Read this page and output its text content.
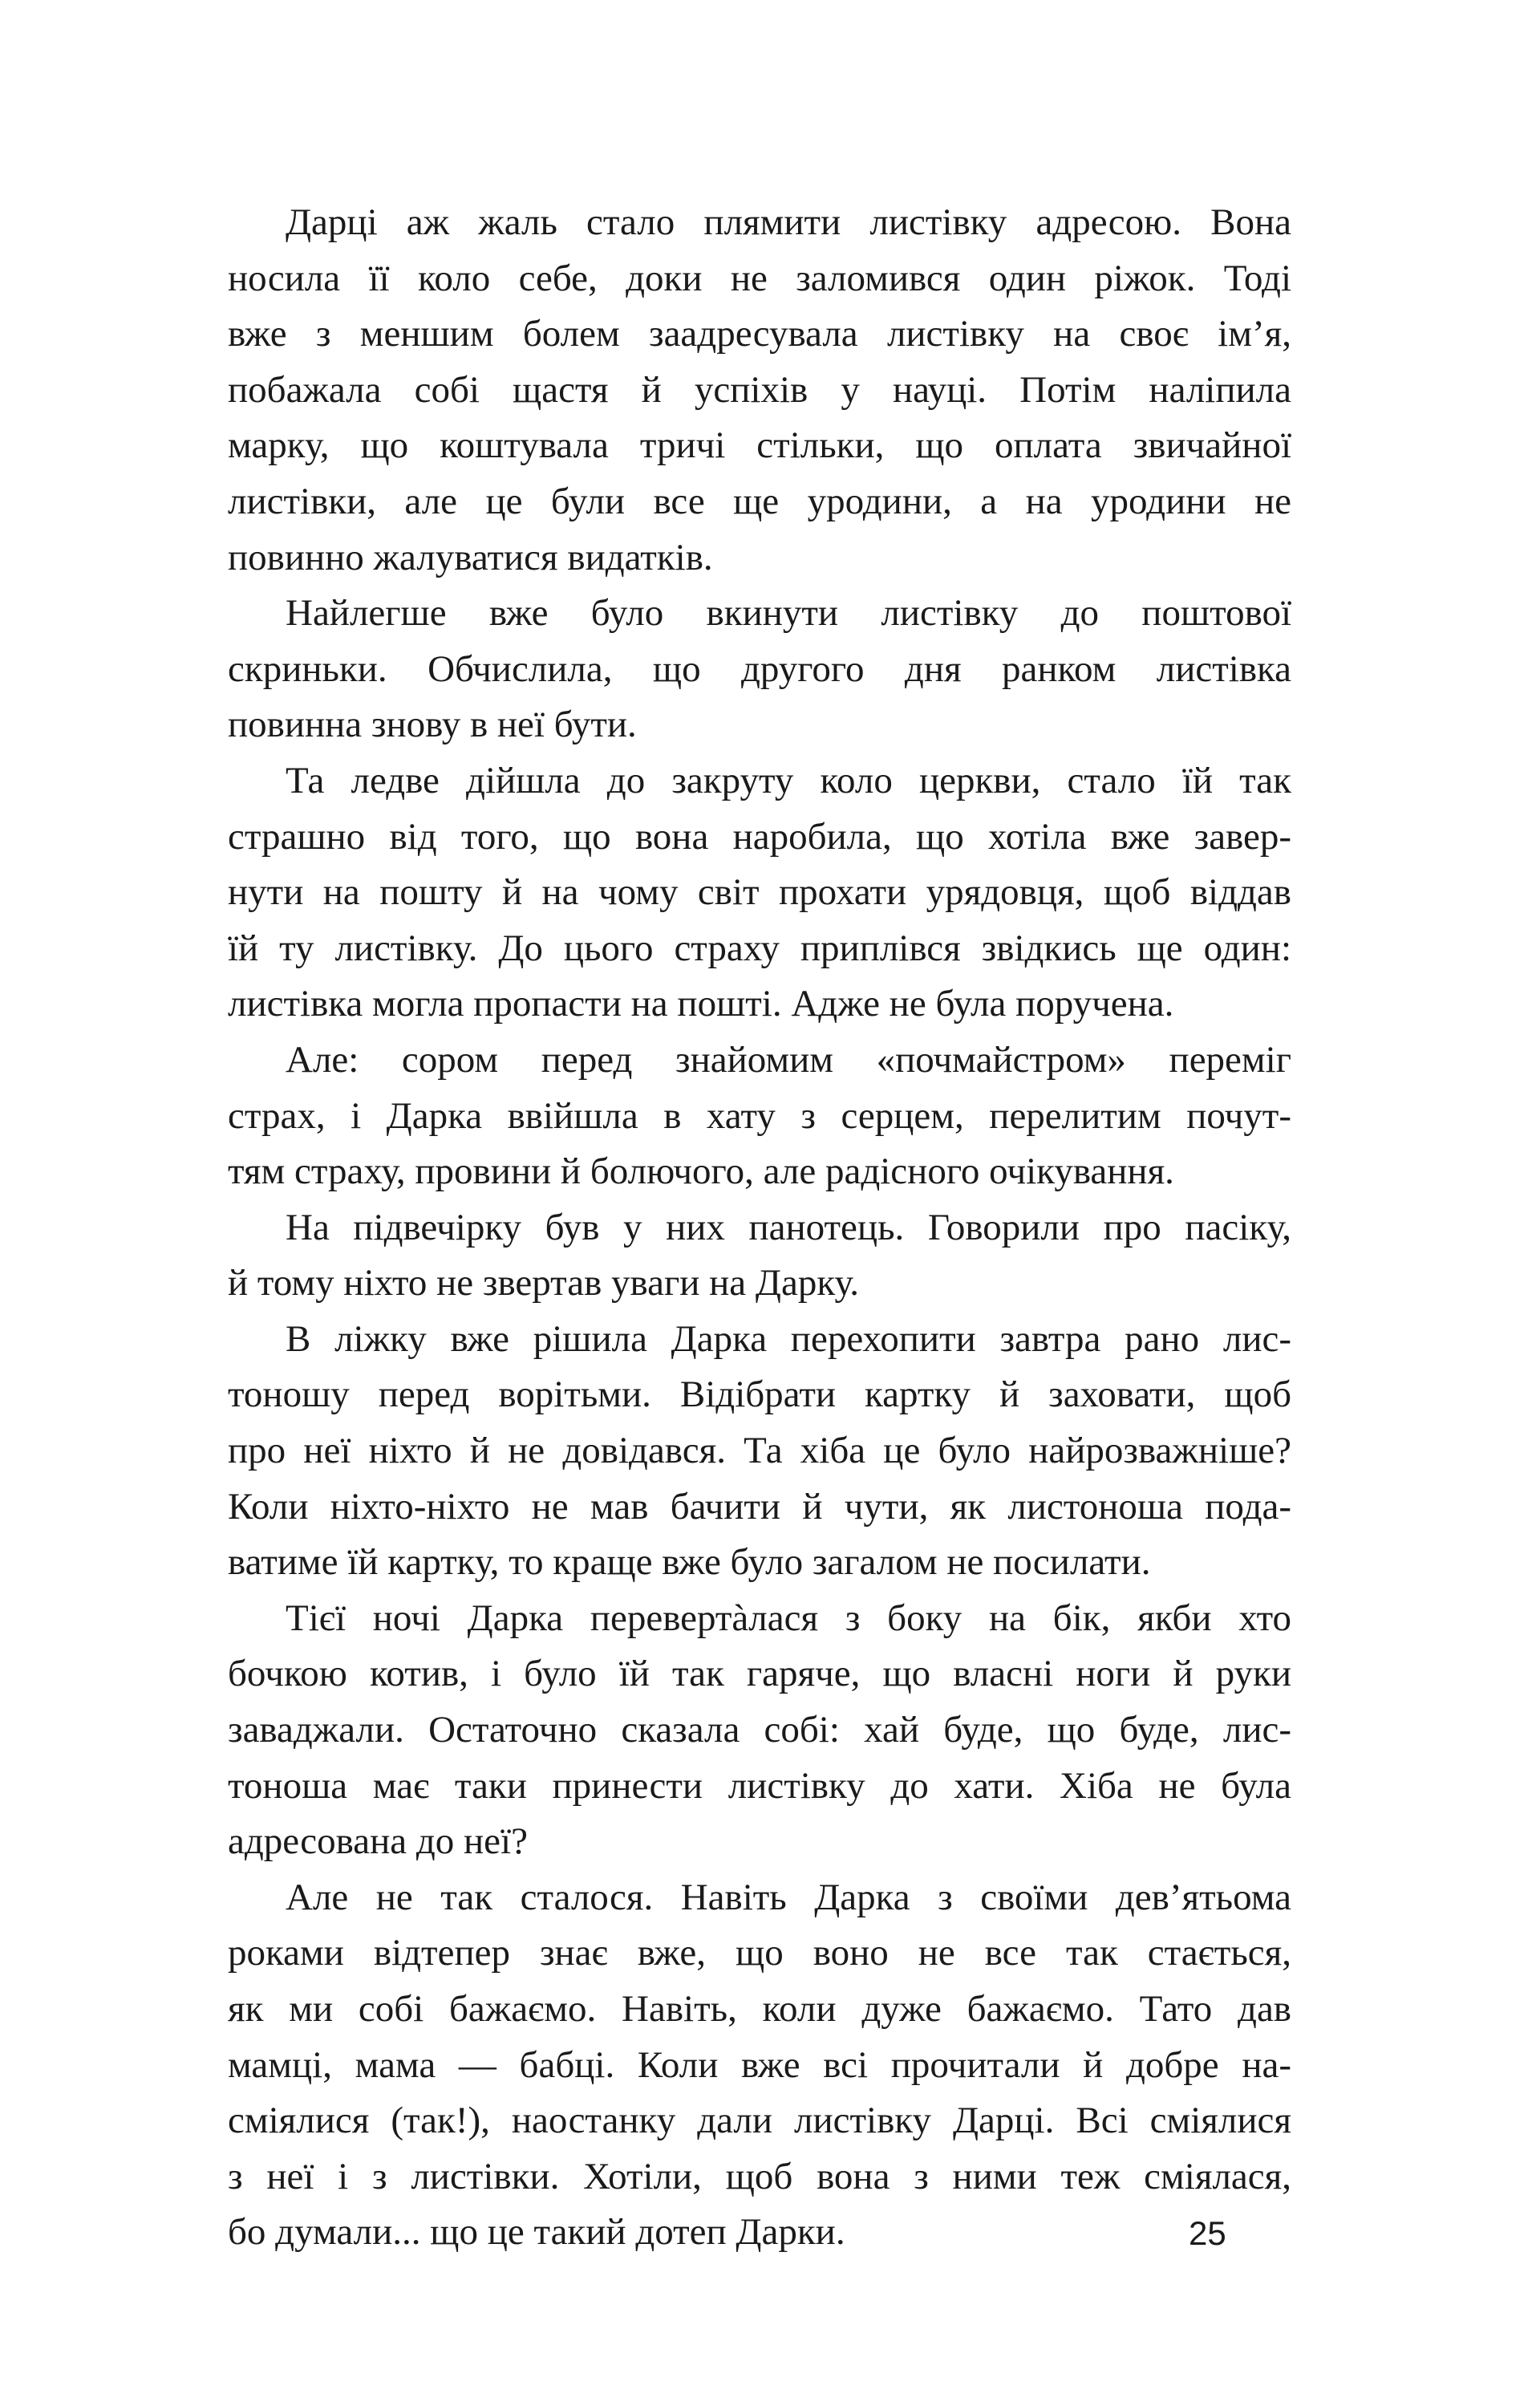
Дарці аж жаль стало плямити листівку адресою. Вона
носила її коло себе, доки не заломився один ріжок. Тоді
вже з меншим болем заадресувала листівку на своє ім’я,
побажала собі щастя й успіхів у науці. Потім наліпила
марку, що коштувала тричі стільки, що оплата звичайної
листівки, але це були все ще уродини, а на уродини не
повинно жалуватися видатків.
Найлегше вже було вкинути листівку до поштової
скриньки. Обчислила, що другого дня ранком листівка
повинна знову в неї бути.
Та ледве дійшла до закруту коло церкви, стало їй так
страшно від того, що вона наробила, що хотіла вже завер-
нути на пошту й на чому світ прохати урядовця, щоб віддав
їй ту листівку. До цього страху приплівся звідкись ще один:
листівка могла пропасти на пошті. Адже не була поручена.
Але: сором перед знайомим «почмайстром» переміг
страх, і Дарка ввійшла в хату з серцем, перелитим почут-
тям страху, провини й болючого, але радісного очікування.
На підвечірку був у них панотець. Говорили про пасіку,
й тому ніхто не звертав уваги на Дарку.
В ліжку вже рішила Дарка перехопити завтра рано лис-
тоношу перед ворітьми. Відібрати картку й заховати, щоб
про неї ніхто й не довідався. Та хіба це було найрозважніше?
Коли ніхто-ніхто не мав бачити й чути, як листоноша пода-
ватиме їй картку, то краще вже було загалом не посилати.
Тієї ночі Дарка перевертàлася з боку на бік, якби хто
бочкою котив, і було їй так гаряче, що власні ноги й руки
заваджали. Остаточно сказала собі: хай буде, що буде, лис-
тоноша має таки принести листівку до хати. Хіба не була
адресована до неї?
Але не так сталося. Навіть Дарка з своїми дев’ятьома
роками відтепер знає вже, що воно не все так стається,
як ми собі бажаємо. Навіть, коли дуже бажаємо. Тато дав
мамці, мама — бабці. Коли вже всі прочитали й добре на-
сміялися (так!), наостанку дали листівку Дарці. Всі сміялися
з неї і з листівки. Хотіли, щоб вона з ними теж сміялася,
бо думали... що це такий дотеп Дарки.	25
